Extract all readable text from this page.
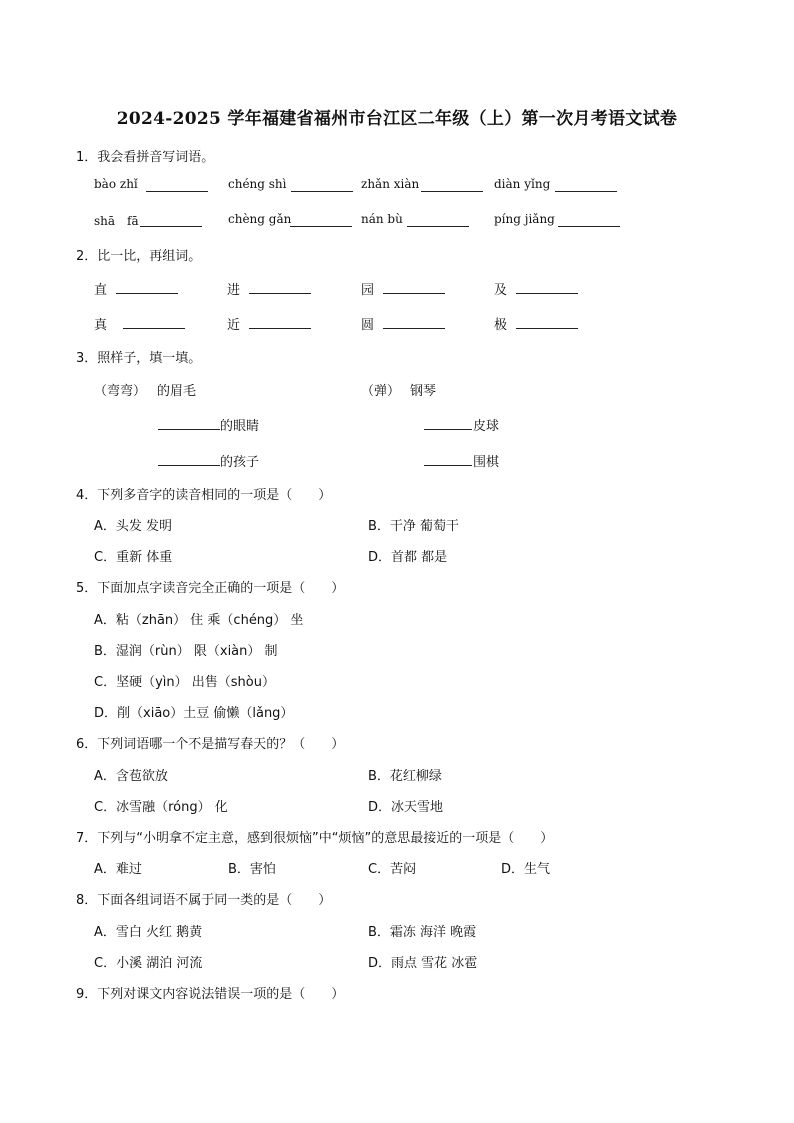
2024-2025 学年福建省福州市台江区二年级（上）第一次月考语文试卷
1．我会看拼音写词语。
bào zhǐ	chéng shì	zhǎn xiàn	diàn yǐng
shā　fā	chèng gǎn	nán bù	píng jiǎng
2．比一比，再组词。
直	进	园	及
真	近	圆	极
3．照样子，填一填。
（弯弯） 的眉毛	（弹） 钢琴
的眼睛	皮球
的孩子	围棋
4．下列多音字的读音相同的一项是（　　）
A．头发 发明	B．干净 葡萄干
C．重新 体重	D．首都 都是
5．下面加点字读音完全正确的一项是（　　）
A．粘（zhān） 住 乘（chéng） 坐
B．湿润（rùn） 限（xiàn） 制
C．坚硬（yìn） 出售（shòu）
D．削（xiāo）土豆 偷懒（lǎng）
6．下列词语哪一个不是描写春天的？（　　）
A．含苞欲放	B．花红柳绿
C．冰雪融（róng） 化	D．冰天雪地
7．下列与“小明拿不定主意，感到很烦恼”中“烦恼”的意思最接近的一项是（　　）
A．难过	B．害怕	C．苦闷	D．生气
8．下面各组词语不属于同一类的是（　　）
A．雪白 火红 鹅黄	B．霜冻 海洋 晚霞
C．小溪 湖泊 河流	D．雨点 雪花 冰雹
9．下列对课文内容说法错误一项的是（　　）
